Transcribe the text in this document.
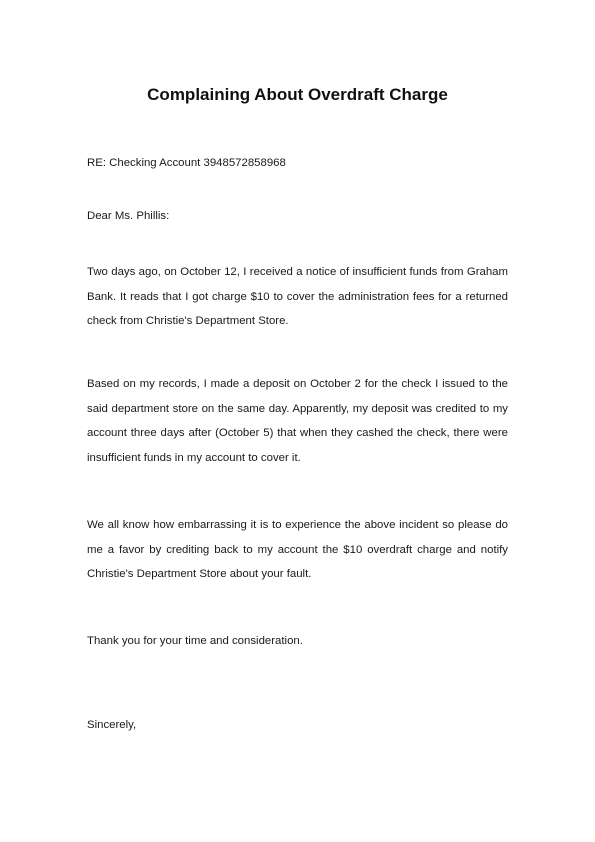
Complaining About Overdraft Charge

RE: Checking Account 3948572858968

Dear Ms. Phillis:

Two days ago, on October 12, I received a notice of insufficient funds from Graham Bank. It reads that I got charge $10 to cover the administration fees for a returned check from Christie's Department Store.

Based on my records, I made a deposit on October 2 for the check I issued to the said department store on the same day. Apparently, my deposit was credited to my account three days after (October 5) that when they cashed the check, there were insufficient funds in my account to cover it.

We all know how embarrassing it is to experience the above incident so please do me a favor by crediting back to my account the $10 overdraft charge and notify Christie's Department Store about your fault.

Thank you for your time and consideration.

Sincerely,
